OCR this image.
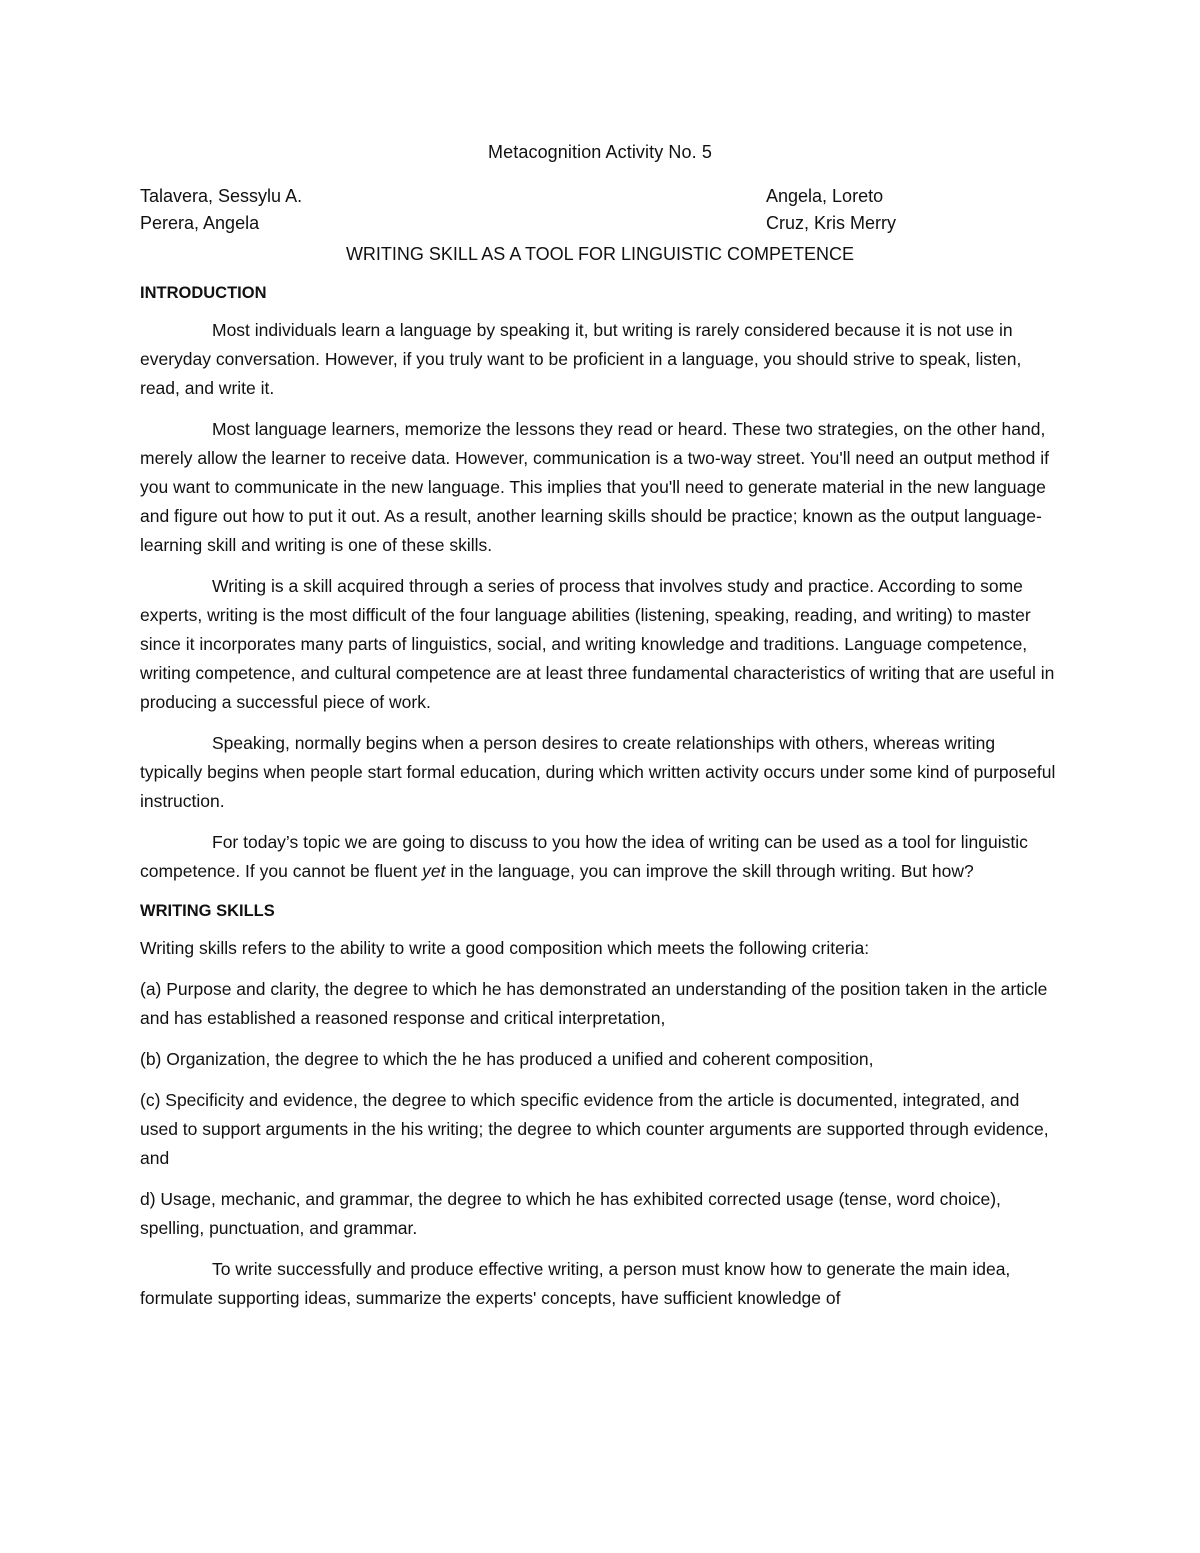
Metacognition Activity No. 5
Talavera, Sessylu A.
Perera, Angela
Angela, Loreto
Cruz, Kris Merry
WRITING SKILL AS A TOOL FOR LINGUISTIC COMPETENCE
INTRODUCTION

Most individuals learn a language by speaking it, but writing is rarely considered because it is not use in everyday conversation. However, if you truly want to be proficient in a language, you should strive to speak, listen, read, and write it.

Most language learners, memorize the lessons they read or heard. These two strategies, on the other hand, merely allow the learner to receive data. However, communication is a two-way street. You'll need an output method if you want to communicate in the new language. This implies that you'll need to generate material in the new language and figure out how to put it out. As a result, another learning skills should be practice; known as the output language-learning skill and writing is one of these skills.

Writing is a skill acquired through a series of process that involves study and practice. According to some experts, writing is the most difficult of the four language abilities (listening, speaking, reading, and writing) to master since it incorporates many parts of linguistics, social, and writing knowledge and traditions. Language competence, writing competence, and cultural competence are at least three fundamental characteristics of writing that are useful in producing a successful piece of work.

Speaking, normally begins when a person desires to create relationships with others, whereas writing typically begins when people start formal education, during which written activity occurs under some kind of purposeful instruction.

For today’s topic we are going to discuss to you how the idea of writing can be used as a tool for linguistic competence. If you cannot be fluent yet in the language, you can improve the skill through writing. But how?

WRITING SKILLS

Writing skills refers to the ability to write a good composition which meets the following criteria:

(a) Purpose and clarity, the degree to which he has demonstrated an understanding of the position taken in the article and has established a reasoned response and critical interpretation,

(b) Organization, the degree to which the he has produced a unified and coherent composition,

(c) Specificity and evidence, the degree to which specific evidence from the article is documented, integrated, and used to support arguments in the his writing; the degree to which counter arguments are supported through evidence, and

d) Usage, mechanic, and grammar, the degree to which he has exhibited corrected usage (tense, word choice), spelling, punctuation, and grammar.

To write successfully and produce effective writing, a person must know how to generate the main idea, formulate supporting ideas, summarize the experts' concepts, have sufficient knowledge of
